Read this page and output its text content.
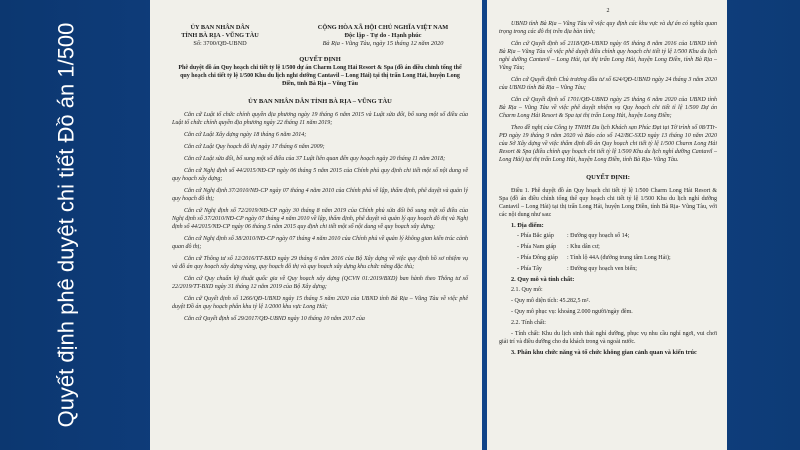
Quyết định phê duyệt chi tiết Đồ án 1/500	ỦY BAN NHÂN DÂN
TỈNH BÀ RỊA - VŨNG TÀU
Số: 3700/QĐ-UBND
CỘNG HÒA XÃ HỘI CHỦ NGHĨA VIỆT NAM
Độc lập - Tự do - Hạnh phúc
Bà Rịa - Vũng Tàu, ngày 15 tháng 12 năm 2020
QUYẾT ĐỊNH
Phê duyệt đồ án Quy hoạch chi tiết tỷ lệ 1/500 dự án Charm Long Hải Resort & Spa (đồ án điều chỉnh tổng thể quy hoạch chi tiết tỷ lệ 1/500 Khu du lịch nghỉ dưỡng Cantavil – Long Hải) tại thị trấn Long Hải, huyện Long Điền, tỉnh Bà Rịa – Vũng Tàu
ỦY BAN NHÂN DÂN TỈNH BÀ RỊA – VŨNG TÀU

Căn cứ Luật tổ chức chính quyền địa phương ngày 19 tháng 6 năm 2015 và Luật sửa đổi, bổ sung một số điều của Luật tổ chức chính quyền địa phương ngày 22 tháng 11 năm 2019;

Căn cứ Luật Xây dựng ngày 18 tháng 6 năm 2014;

Căn cứ Luật Quy hoạch đô thị ngày 17 tháng 6 năm 2009;

Căn cứ Luật sửa đổi, bổ sung một số điều của 37 Luật liên quan đến quy hoạch ngày 20 tháng 11 năm 2018;

Căn cứ Nghị định số 44/2015/NĐ-CP ngày 06 tháng 5 năm 2015 của Chính phủ quy định chi tiết một số nội dung về quy hoạch xây dựng;

Căn cứ Nghị định 37/2010/NĐ-CP ngày 07 tháng 4 năm 2010 của Chính phủ về lập, thẩm định, phê duyệt và quản lý quy hoạch đô thị;

Căn cứ Nghị định số 72/2019/NĐ-CP ngày 30 tháng 8 năm 2019 của Chính phủ sửa đổi bổ sung một số điều của Nghị định số 37/2010/NĐ-CP ngày 07 tháng 4 năm 2010 về lập, thẩm định, phê duyệt và quản lý quy hoạch đô thị và Nghị định số 44/2015/NĐ-CP ngày 06 tháng 5 năm 2015 quy định chi tiết một số nội dung về quy hoạch xây dựng;

Căn cứ Nghị định số 38/2010/NĐ-CP ngày 07 tháng 4 năm 2010 của Chính phủ về quản lý không gian kiến trúc cảnh quan đô thị;

Căn cứ Thông tư số 12/2016/TT-BXD ngày 29 tháng 6 năm 2016 của Bộ Xây dựng về việc quy định hồ sơ nhiệm vụ và đồ án quy hoạch xây dựng vùng, quy hoạch đô thị và quy hoạch xây dựng khu chức năng đặc thù;

Căn cứ Quy chuẩn kỹ thuật quốc gia về Quy hoạch xây dựng (QCVN 01:2019/BXD) ban hành theo Thông tư số 22/2019/TT-BXD ngày 31 tháng 12 năm 2019 của Bộ Xây dựng;

Căn cứ Quyết định số 1266/QĐ-UBND ngày 15 tháng 5 năm 2020 của UBND tỉnh Bà Rịa – Vũng Tàu về việc phê duyệt Đồ án quy hoạch phân khu tỷ lệ 1/2000 khu vực Long Hải;

Căn cứ Quyết định số 29/2017/QĐ-UBND ngày 10 tháng 10 năm 2017 của

2

UBND tỉnh Bà Rịa – Vũng Tàu về việc quy định các khu vực và dự án có nghĩa quan trọng trong các đô thị trên địa bàn tỉnh;

Căn cứ Quyết định số 2118/QĐ-UBND ngày 05 tháng 8 năm 2016 của UBND tỉnh Bà Rịa – Vũng Tàu về việc phê duyệt điều chỉnh quy hoạch chi tiết tỷ lệ 1/500 Khu du lịch nghỉ dưỡng Cantavil – Long Hải, tại thị trấn Long Hải, huyện Long Điền, tỉnh Bà Rịa – Vũng Tàu;

Căn cứ Quyết định Chủ trương đầu tư số 624/QĐ-UBND ngày 24 tháng 3 năm 2020 của UBND tỉnh Bà Rịa – Vũng Tàu;

Căn cứ Quyết định số 1701/QĐ-UBND ngày 25 tháng 6 năm 2020 của UBND tỉnh Bà Rịa – Vũng Tàu về việc phê duyệt nhiệm vụ Quy hoạch chi tiết tỉ lệ 1/500 Dự án Charm Long Hải Resort & Spa tại thị trấn Long Hải, huyện Long Điền;

Theo đề nghị của Công ty TNHH Du lịch Khách sạn Phúc Đạt tại Tờ trình số 08/TTr-PĐ ngày 19 tháng 9 năm 2020 và Báo cáo số 142/BC-SXD ngày 13 tháng 10 năm 2020 của Sở Xây dựng về việc thẩm định đồ án Quy hoạch chi tiết tỷ lệ 1/500 Charm Long Hải Resort & Spa (điều chỉnh quy hoạch chi tiết tỷ lệ 1/500 Khu du lịch nghỉ dưỡng Cantavil – Long Hải) tại thị trấn Long Hải, huyện Long Điền, tỉnh Bà Rịa- Vũng Tàu.

QUYẾT ĐỊNH:

Điều 1. Phê duyệt đồ án Quy hoạch chi tiết tỷ lệ 1/500 Charm Long Hải Resort & Spa (đồ án điều chỉnh tổng thể quy hoạch chi tiết tỷ lệ 1/500 Khu du lịch nghỉ dưỡng Cantavil – Long Hải) tại thị trấn Long Hải, huyện Long Điền, tỉnh Bà Rịa- Vũng Tàu, với các nội dung như sau:

1. Địa điểm:
- Phía Bắc giáp	: Đường quy hoạch số 14;
- Phía Nam giáp	: Khu dân cư;
- Phía Đông giáp	: Tỉnh lộ 44A (đường trung tâm Long Hải);
- Phía Tây	: Đường quy hoạch ven biển;
2. Quy mô và tính chất:

2.1. Quy mô:

- Quy mô diện tích: 45.282,5 m².

- Quy mô phục vụ: khoảng 2.000 người/ngày đêm.

2.2. Tính chất:

- Tính chất: Khu du lịch sinh thái nghỉ dưỡng, phục vụ nhu cầu nghỉ ngơi, vui chơi giải trí và điều dưỡng cho du khách trong và ngoài nước.

3. Phân khu chức năng và tổ chức không gian cảnh quan và kiến trúc
